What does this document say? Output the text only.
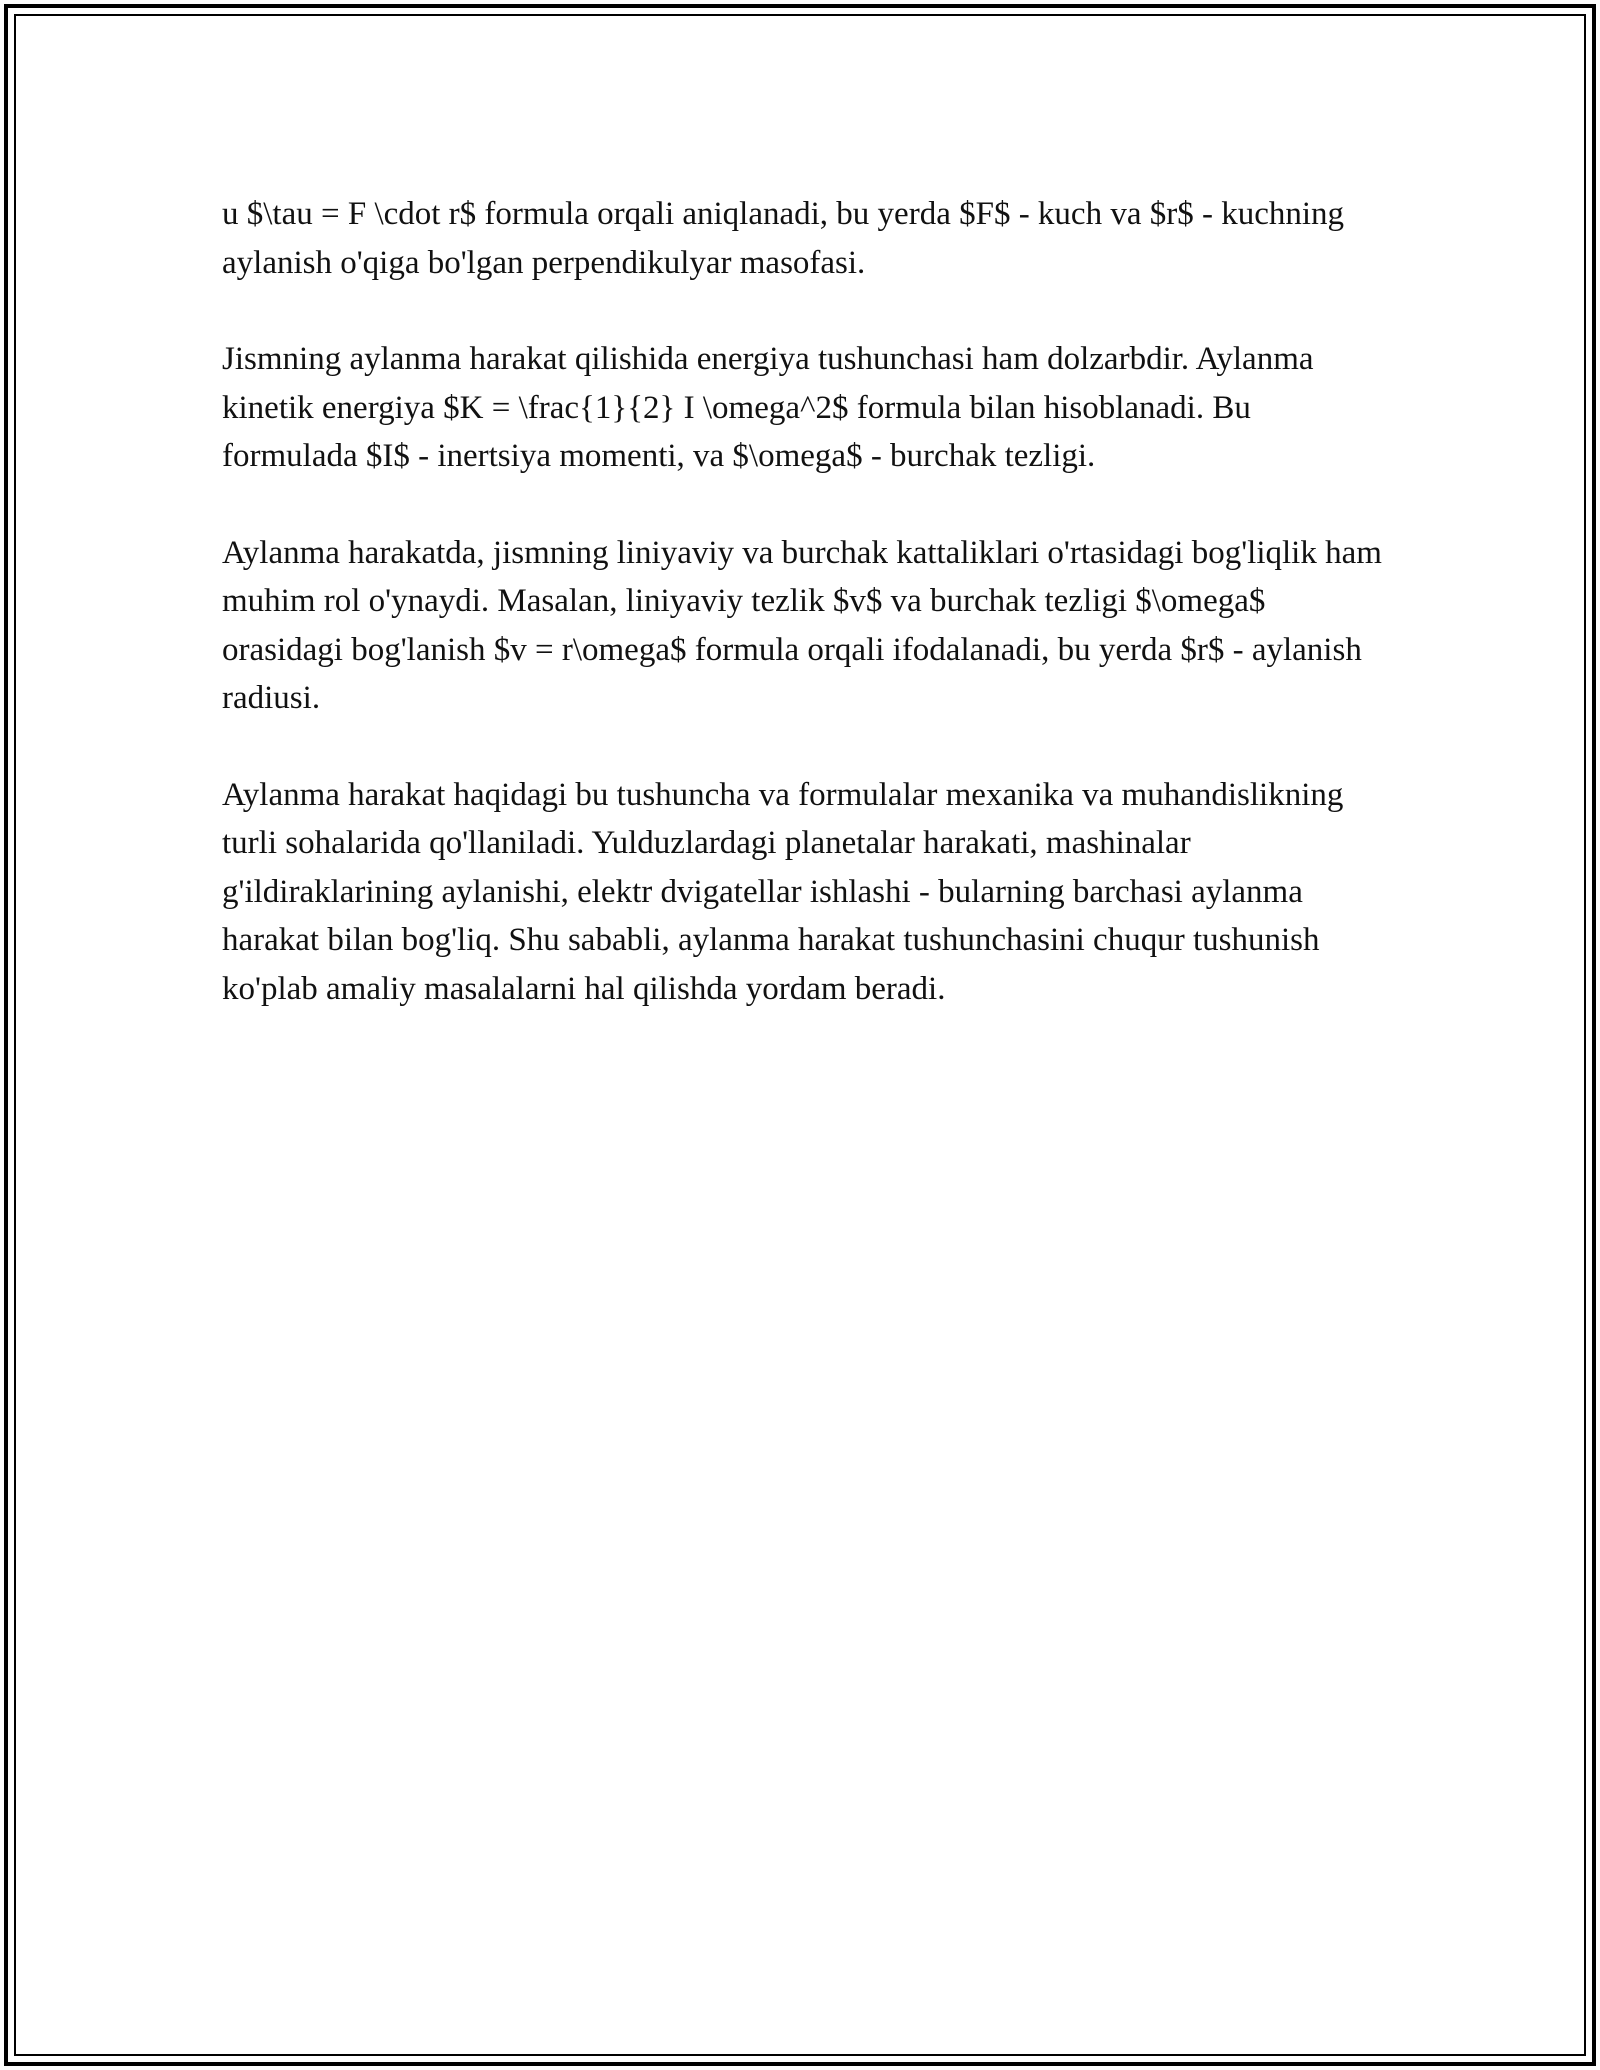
u $\tau = F \cdot r$ formula orqali aniqlanadi, bu yerda $F$ - kuch va $r$ - kuchning aylanish o'qiga bo'lgan perpendikulyar masofasi.

Jismning aylanma harakat qilishida energiya tushunchasi ham dolzarbdir. Aylanma kinetik energiya $K = \frac{1}{2} I \omega^2$ formula bilan hisoblanadi. Bu formulada $I$ - inertsiya momenti, va $\omega$ - burchak tezligi.

Aylanma harakatda, jismning liniyaviy va burchak kattaliklari o'rtasidagi bog'liqlik ham muhim rol o'ynaydi. Masalan, liniyaviy tezlik $v$ va burchak tezligi $\omega$ orasidagi bog'lanish $v = r\omega$ formula orqali ifodalanadi, bu yerda $r$ - aylanish radiusi.

Aylanma harakat haqidagi bu tushuncha va formulalar mexanika va muhandislikning turli sohalarida qo'llaniladi. Yulduzlardagi planetalar harakati, mashinalar g'ildiraklarining aylanishi, elektr dvigatellar ishlashi - bularning barchasi aylanma harakat bilan bog'liq. Shu sababli, aylanma harakat tushunchasini chuqur tushunish ko'plab amaliy masalalarni hal qilishda yordam beradi.
